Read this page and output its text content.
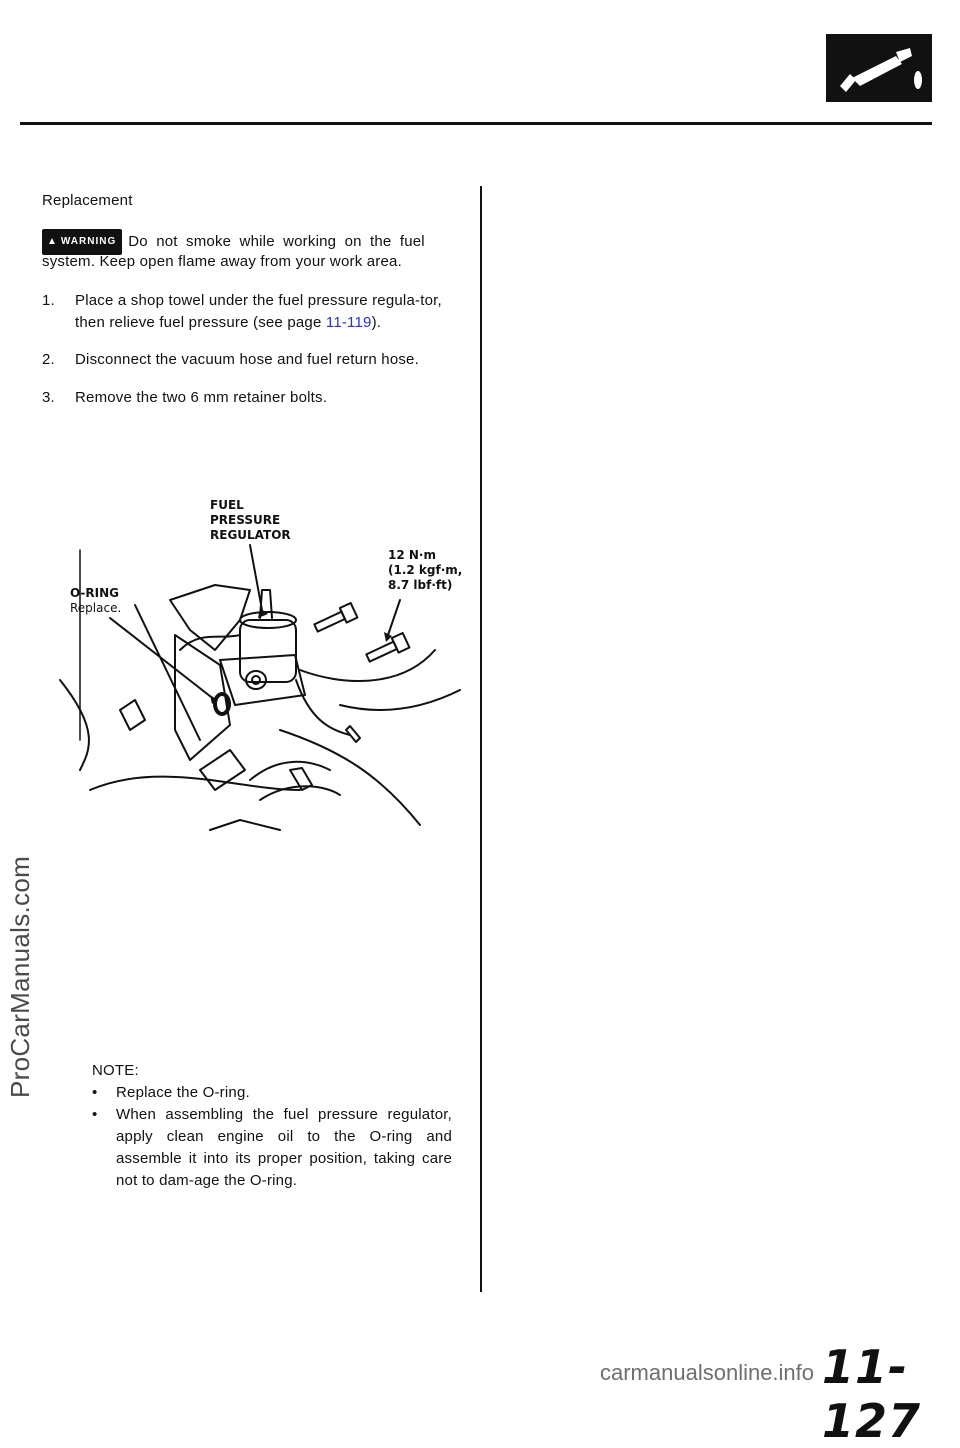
Replacement
▲ WARNING Do not smoke while working on the fuel
system. Keep open flame away from your work area.
1.	Place a shop towel under the fuel pressure regula-tor, then relieve fuel pressure (see page 11-119).
2.	Disconnect the vacuum hose and fuel return hose.
3.	Remove the two 6 mm retainer bolts.
FUEL
PRESSURE
REGULATOR
12 N·m
(1.2 kgf·m,
8.7 lbf·ft)
O-RING
Replace.
NOTE:
• Replace the O-ring.
• When assembling the fuel pressure regulator, apply clean engine oil to the O-ring and assemble it into its proper position, taking care not to dam-age the O-ring.
ProCarManuals.com
11-127
carmanualsonline.info
